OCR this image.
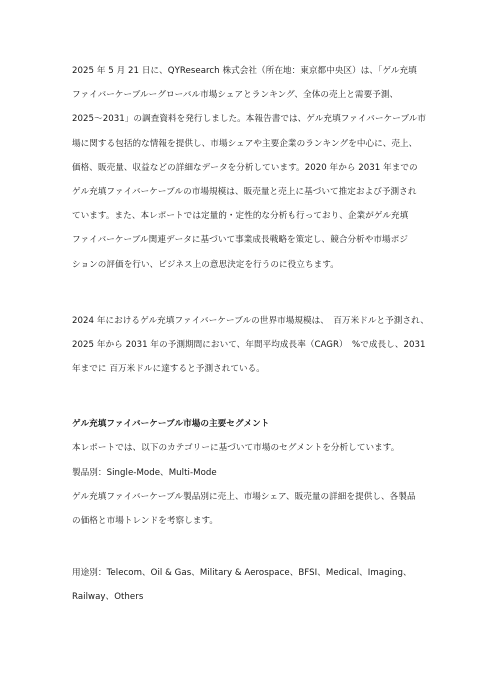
2025 年 5 月 21 日に、QYResearch 株式会社（所在地：東京都中央区）は、「ゲル充填
ファイバーケーブルーグローバル市場シェアとランキング、全体の売上と需要予測、
2025～2031」の調査資料を発行しました。本報告書では、ゲル充填ファイバーケーブル市
場に関する包括的な情報を提供し、市場シェアや主要企業のランキングを中心に、売上、
価格、販売量、収益などの詳細なデータを分析しています。2020 年から 2031 年までの
ゲル充填ファイバーケーブルの市場規模は、販売量と売上に基づいて推定および予測され
ています。また、本レポートでは定量的・定性的な分析も行っており、企業がゲル充填
ファイバーケーブル関連データに基づいて事業成長戦略を策定し、競合分析や市場ポジ
ションの評価を行い、ビジネス上の意思決定を行うのに役立ちます。
2024 年におけるゲル充填ファイバーケーブルの世界市場規模は、　百万米ドルと予測され、
2025 年から 2031 年の予測期間において、年間平均成長率（CAGR）　%で成長し、2031
年までに 百万米ドルに達すると予測されている。
ゲル充填ファイバーケーブル市場の主要セグメント
本レポートでは、以下のカテゴリーに基づいて市場のセグメントを分析しています。
製品別：Single-Mode、Multi-Mode
ゲル充填ファイバーケーブル製品別に売上、市場シェア、販売量の詳細を提供し、各製品
の価格と市場トレンドを考察します。
用途別：Telecom、Oil & Gas、Military & Aerospace、BFSI、Medical、Imaging、
Railway、Others
